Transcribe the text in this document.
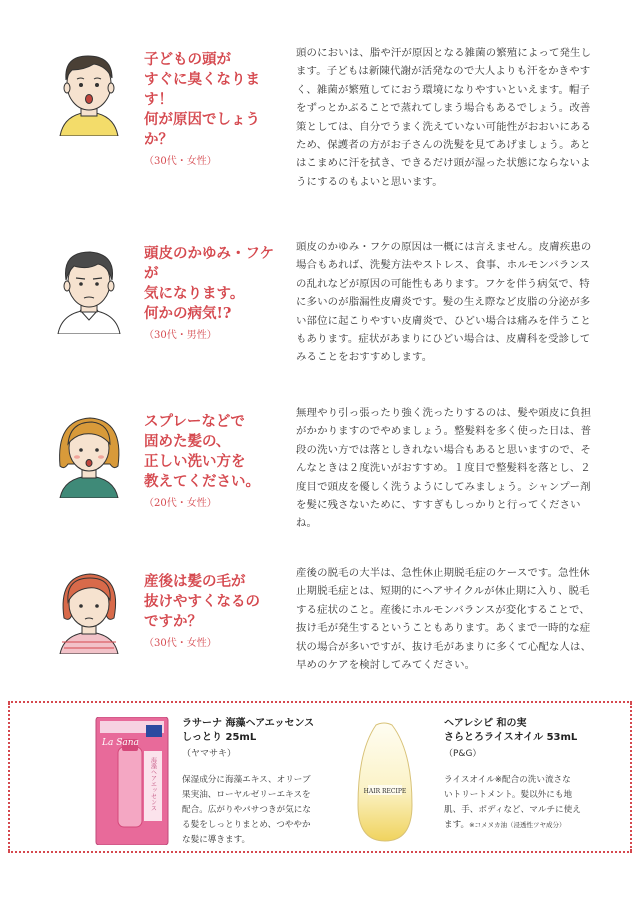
子どもの頭が
すぐに臭くなります！
何が原因でしょうか？
（30代・女性）

頭のにおいは、脂や汗が原因となる雑菌の繁殖によって発生します。子どもは新陳代謝が活発なので大人よりも汗をかきやすく、雑菌が繁殖してにおう環境になりやすいといえます。帽子をずっとかぶることで蒸れてしまう場合もあるでしょう。改善策としては、自分でうまく洗えていない可能性がおおいにあるため、保護者の方がお子さんの洗髪を見てあげましょう。あとはこまめに汗を拭き、できるだけ頭が湿った状態にならないようにするのもよいと思います。

頭皮のかゆみ・フケが
気になります。
何かの病気!?
（30代・男性）

頭皮のかゆみ・フケの原因は一概には言えません。皮膚疾患の場合もあれば、洗髪方法やストレス、食事、ホルモンバランスの乱れなどが原因の可能性もあります。フケを伴う病気で、特に多いのが脂漏性皮膚炎です。髪の生え際など皮脂の分泌が多い部位に起こりやすい皮膚炎で、ひどい場合は痛みを伴うこともあります。症状があまりにひどい場合は、皮膚科を受診してみることをおすすめします。

スプレーなどで
固めた髪の、
正しい洗い方を
教えてください。
（20代・女性）

無理やり引っ張ったり強く洗ったりするのは、髪や頭皮に負担がかかりますのでやめましょう。整髪料を多く使った日は、普段の洗い方では落としきれない場合もあると思いますので、そんなときは２度洗いがおすすめ。１度目で整髪料を落とし、２度目で頭皮を優しく洗うようにしてみましょう。シャンプー剤を髪に残さないために、すすぎもしっかりと行ってくださいね。

産後は髪の毛が
抜けやすくなるの
ですか？
（30代・女性）

産後の脱毛の大半は、急性休止期脱毛症のケースです。急性休止期脱毛症とは、短期的にヘアサイクルが休止期に入り、脱毛する症状のこと。産後にホルモンバランスが変化することで、抜け毛が発生するということもあります。あくまで一時的な症状の場合が多いですが、抜け毛があまりに多くて心配な人は、早めのケアを検討してみてください。

La Sana
海藻ヘアエッセンス
ラサーナ 海藻ヘアエッセンス
しっとり 25mL
（ヤマサキ）
保湿成分に海藻エキス、オリーブ
果実油、ローヤルゼリーエキスを
配合。広がりやパサつきが気にな
る髪をしっとりまとめ、つややか
な髪に導きます。
HAIR RECIPE
ヘアレシピ 和の実
さらとろライスオイル 53mL
（P&G）
ライスオイル※配合の洗い流さな
いトリートメント。髪以外にも地
肌、手、ボディなど、マルチに使え
ます。※コメヌカ油（浸透性ツヤ成分）
